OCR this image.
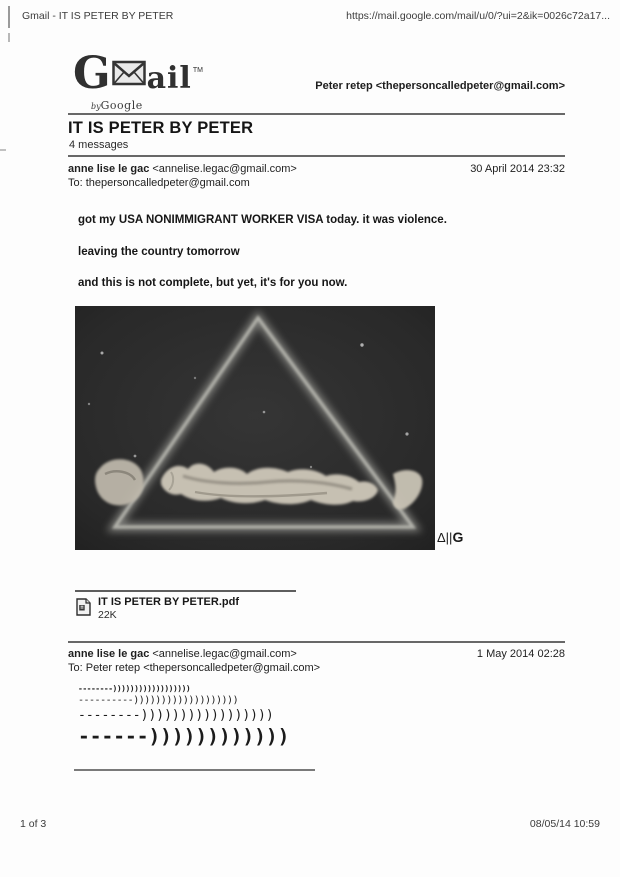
Gmail - IT IS PETER BY PETER	https://mail.google.com/mail/u/0/?ui=2&ik=0026c72a17...
G ail TM
byGoogle
Peter retep <thepersoncalledpeter@gmail.com>
IT IS PETER BY PETER
4 messages
anne lise le gac <annelise.legac@gmail.com>
To: thepersoncalledpeter@gmail.com
30 April 2014 23:32

got my USA NONIMMIGRANT WORKER VISA today. it was violence.

leaving the country tomorrow

and this is not complete, but yet, it's for you now.

Δ||G
IT IS PETER BY PETER.pdf
22K
anne lise le gac <annelise.legac@gmail.com>
To: Peter retep <thepersoncalledpeter@gmail.com>
1 May 2014 02:28
--------))))))))))))))))))
----------)))))))))))))))))))
--------)))))))))))))))))
------))))))))))))
1 of 3	08/05/14 10:59
